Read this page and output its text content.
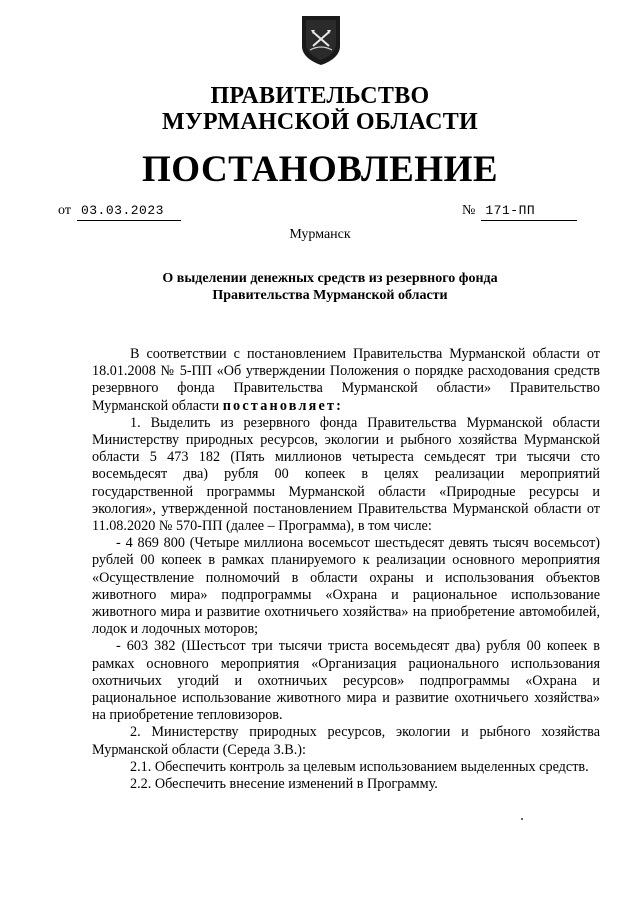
ПРАВИТЕЛЬСТВО
МУРМАНСКОЙ ОБЛАСТИ
ПОСТАНОВЛЕНИЕ
от 03.03.2023	№ 171-ПП
Мурманск
О выделении денежных средств из резервного фонда
Правительства Мурманской области

В соответствии с постановлением Правительства Мурманской области от 18.01.2008 № 5-ПП «Об утверждении Положения о порядке расходования средств резервного фонда Правительства Мурманской области» Правительство Мурманской области постановляет:

1. Выделить из резервного фонда Правительства Мурманской области Министерству природных ресурсов, экологии и рыбного хозяйства Мурманской области 5 473 182 (Пять миллионов четыреста семьдесят три тысячи сто восемьдесят два) рубля 00 копеек в целях реализации мероприятий государственной программы Мурманской области «Природные ресурсы и экология», утвержденной постановлением Правительства Мурманской области от 11.08.2020 № 570-ПП (далее – Программа), в том числе:

- 4 869 800 (Четыре миллиона восемьсот шестьдесят девять тысяч восемьсот) рублей 00 копеек в рамках планируемого к реализации основного мероприятия «Осуществление полномочий в области охраны и использования объектов животного мира» подпрограммы «Охрана и рациональное использование животного мира и развитие охотничьего хозяйства» на приобретение автомобилей, лодок и лодочных моторов;

- 603 382 (Шестьсот три тысячи триста восемьдесят два) рубля 00 копеек в рамках основного мероприятия «Организация рационального использования охотничьих угодий и охотничьих ресурсов» подпрограммы «Охрана и рациональное использование животного мира и развитие охотничьего хозяйства» на приобретение тепловизоров.

2. Министерству природных ресурсов, экологии и рыбного хозяйства Мурманской области (Середа З.В.):

2.1. Обеспечить контроль за целевым использованием выделенных средств.

2.2. Обеспечить внесение изменений в Программу.
